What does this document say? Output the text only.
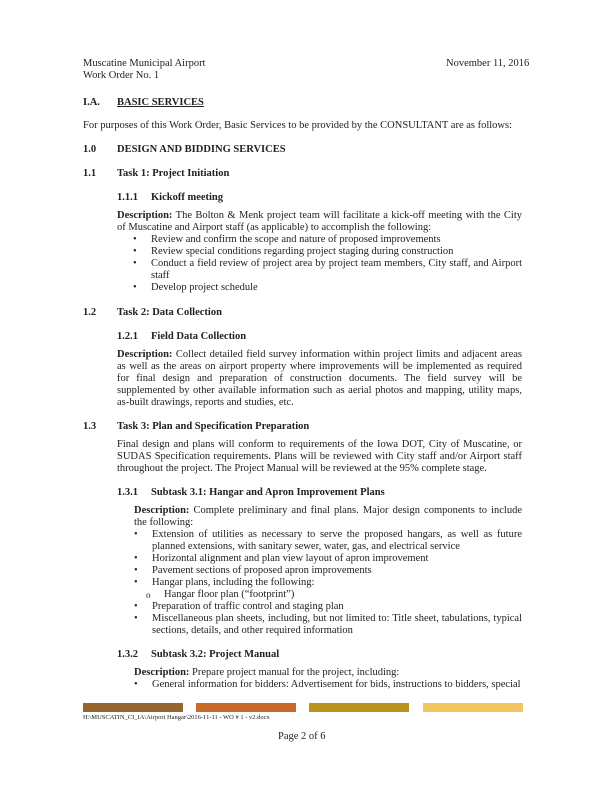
Muscatine Municipal Airport
Work Order No. 1
November 11, 2016
I.A. BASIC SERVICES
For purposes of this Work Order, Basic Services to be provided by the CONSULTANT are as follows:
1.0 DESIGN AND BIDDING SERVICES
1.1 Task 1: Project Initiation
1.1.1 Kickoff meeting
Description: The Bolton & Menk project team will facilitate a kick-off meeting with the City of Muscatine and Airport staff (as applicable) to accomplish the following:
• Review and confirm the scope and nature of proposed improvements
• Review special conditions regarding project staging during construction
• Conduct a field review of project area by project team members, City staff, and Airport staff
• Develop project schedule
1.2 Task 2: Data Collection
1.2.1 Field Data Collection
Description: Collect detailed field survey information within project limits and adjacent areas as well as the areas on airport property where improvements will be implemented as required for final design and preparation of construction documents. The field survey will be supplemented by other available information such as aerial photos and mapping, utility maps, as-built drawings, reports and studies, etc.
1.3 Task 3: Plan and Specification Preparation
Final design and plans will conform to requirements of the Iowa DOT, City of Muscatine, or SUDAS Specification requirements. Plans will be reviewed with City staff and/or Airport staff throughout the project. The Project Manual will be reviewed at the 95% complete stage.
1.3.1 Subtask 3.1: Hangar and Apron Improvement Plans
Description: Complete preliminary and final plans. Major design components to include the following:
• Extension of utilities as necessary to serve the proposed hangars, as well as future planned extensions, with sanitary sewer, water, gas, and electrical service
• Horizontal alignment and plan view layout of apron improvement
• Pavement sections of proposed apron improvements
• Hangar plans, including the following:
o Hangar floor plan (“footprint”)
• Preparation of traffic control and staging plan
• Miscellaneous plan sheets, including, but not limited to: Title sheet, tabulations, typical sections, details, and other required information
1.3.2 Subtask 3.2: Project Manual
Description: Prepare project manual for the project, including:
• General information for bidders: Advertisement for bids, instructions to bidders, special
H:\MUSCATIN_CI_IA\Airport Hangar\2016-11-11 - WO # 1 - v2.docx
Page 2 of 6
